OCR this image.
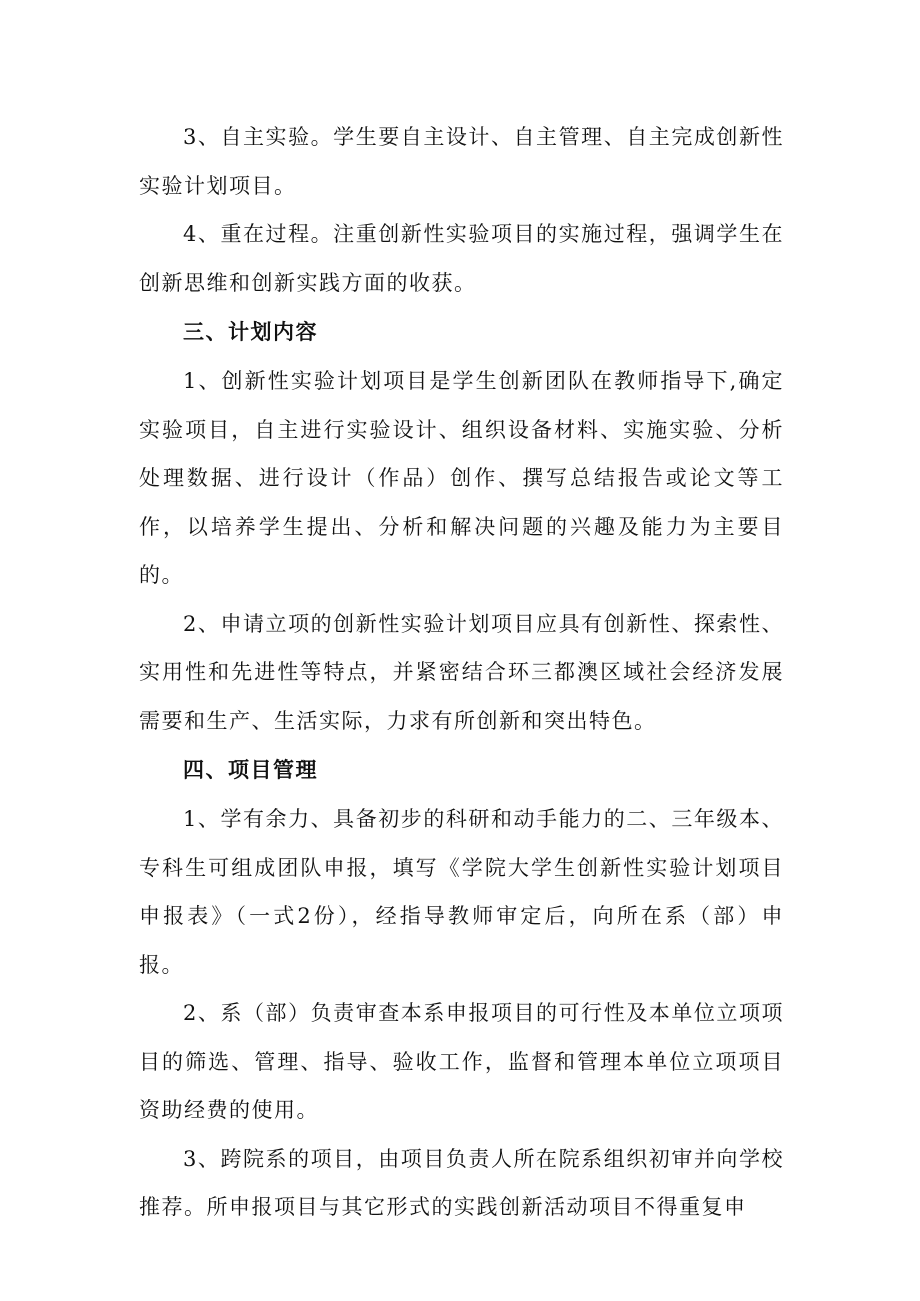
3、自主实验。学生要自主设计、自主管理、自主完成创新性实验计划项目。

4、重在过程。注重创新性实验项目的实施过程，强调学生在创新思维和创新实践方面的收获。

三、计划内容

1、创新性实验计划项目是学生创新团队在教师指导下,确定实验项目，自主进行实验设计、组织设备材料、实施实验、分析处理数据、进行设计（作品）创作、撰写总结报告或论文等工作，以培养学生提出、分析和解决问题的兴趣及能力为主要目的。

2、申请立项的创新性实验计划项目应具有创新性、探索性、实用性和先进性等特点，并紧密结合环三都澳区域社会经济发展需要和生产、生活实际，力求有所创新和突出特色。

四、项目管理

1、学有余力、具备初步的科研和动手能力的二、三年级本、专科生可组成团队申报，填写《学院大学生创新性实验计划项目申报表》（一式2份），经指导教师审定后，向所在系（部）申报。

2、系（部）负责审查本系申报项目的可行性及本单位立项项目的筛选、管理、指导、验收工作，监督和管理本单位立项项目资助经费的使用。

3、跨院系的项目，由项目负责人所在院系组织初审并向学校推荐。所申报项目与其它形式的实践创新活动项目不得重复申
